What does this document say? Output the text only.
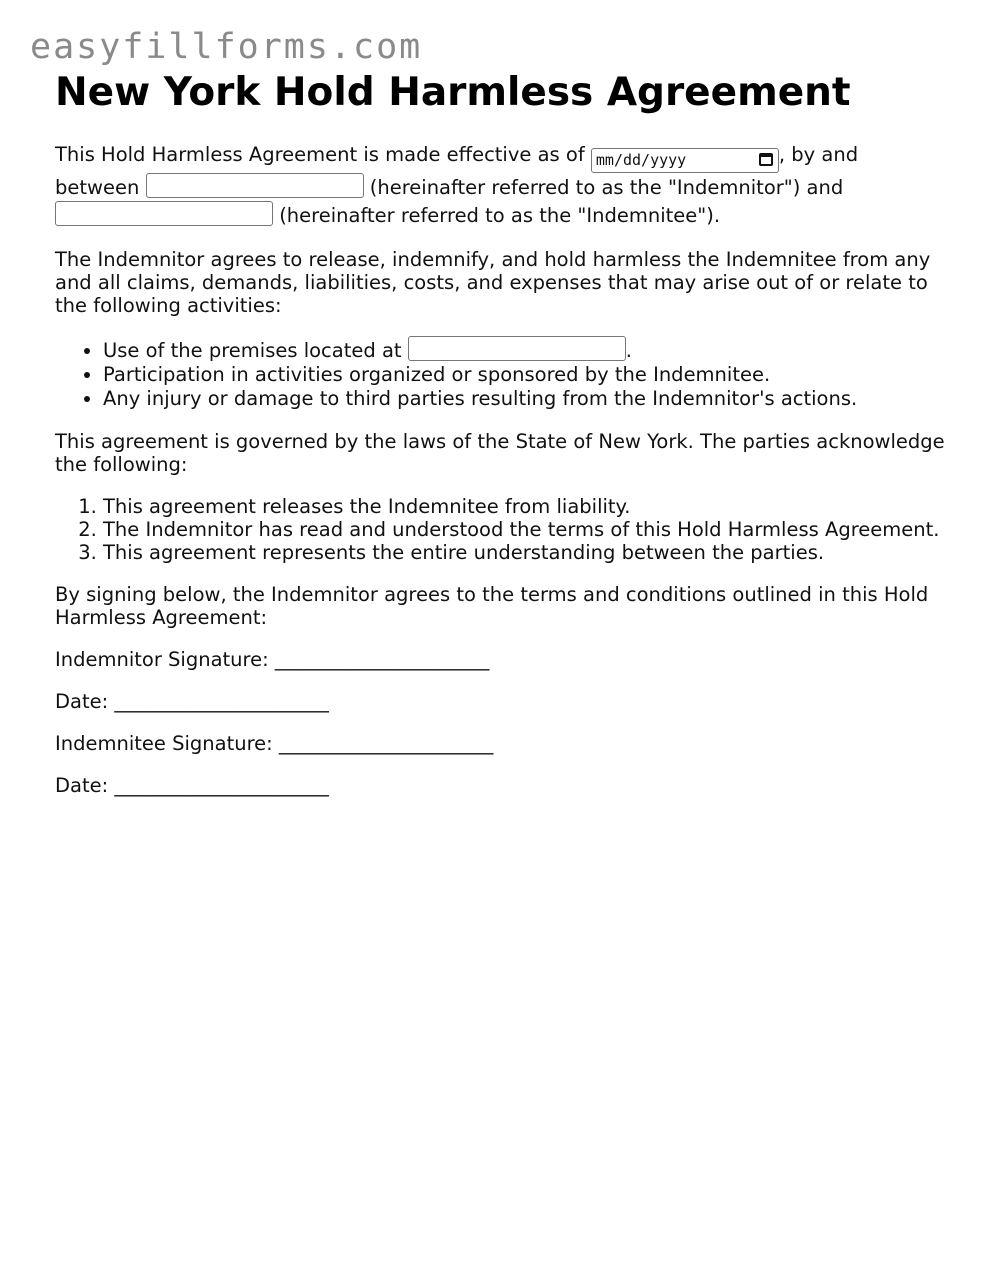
easyfillforms.com
New York Hold Harmless Agreement

This Hold Harmless Agreement is made effective as of mm/dd/yyyy	, by and between	(hereinafter referred to as the "Indemnitor") and  (hereinafter referred to as the "Indemnitee").

The Indemnitor agrees to release, indemnify, and hold harmless the Indemnitee from any and all claims, demands, liabilities, costs, and expenses that may arise out of or relate to the following activities:

• Use of the premises located at	.
• Participation in activities organized or sponsored by the Indemnitee.
• Any injury or damage to third parties resulting from the Indemnitor's actions.

This agreement is governed by the laws of the State of New York. The parties acknowledge the following:

1. This agreement releases the Indemnitee from liability.
2. The Indemnitor has read and understood the terms of this Hold Harmless Agreement.
3. This agreement represents the entire understanding between the parties.

By signing below, the Indemnitor agrees to the terms and conditions outlined in this Hold Harmless Agreement:

Indemnitor Signature: ______________________

Date: ______________________

Indemnitee Signature: ______________________

Date: ______________________
